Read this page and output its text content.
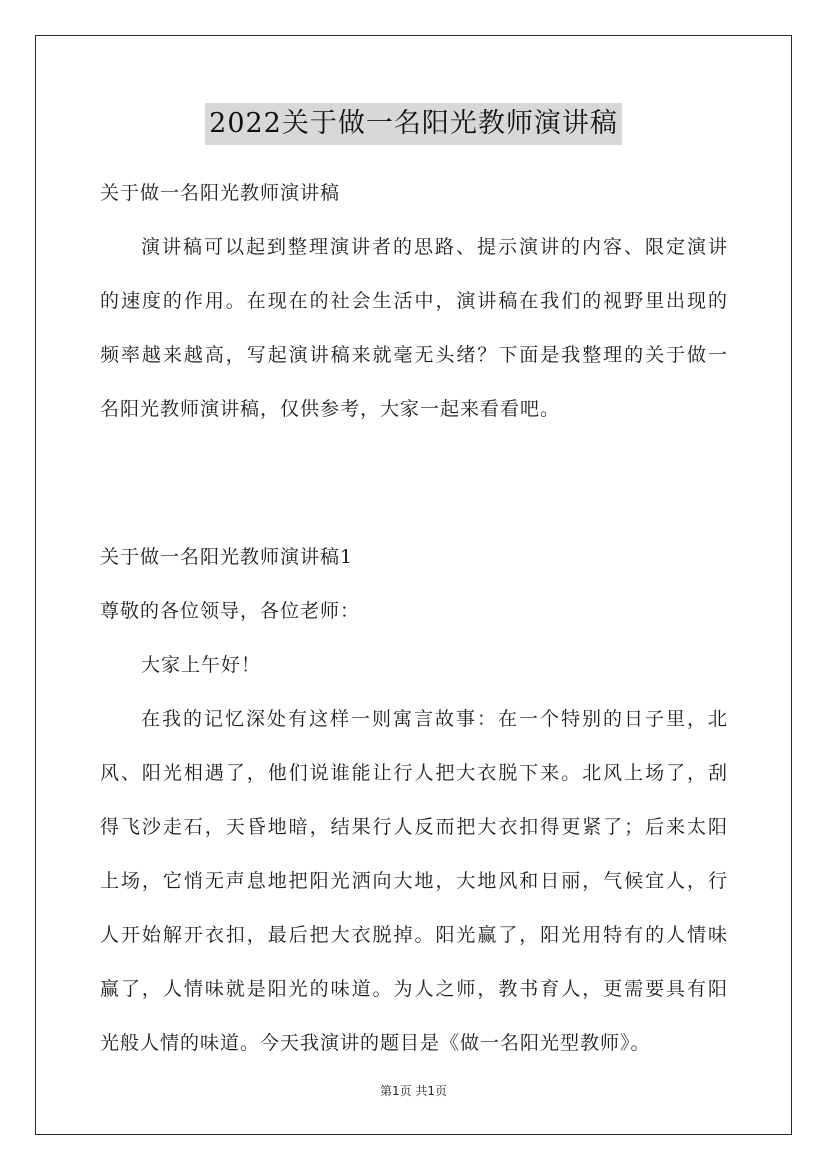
2022关于做一名阳光教师演讲稿

关于做一名阳光教师演讲稿

演讲稿可以起到整理演讲者的思路、提示演讲的内容、限定演讲

的速度的作用。在现在的社会生活中，演讲稿在我们的视野里出现的

频率越来越高，写起演讲稿来就毫无头绪？下面是我整理的关于做一

名阳光教师演讲稿，仅供参考，大家一起来看看吧。

关于做一名阳光教师演讲稿1

尊敬的各位领导，各位老师：

大家上午好！

在我的记忆深处有这样一则寓言故事：在一个特别的日子里，北

风、阳光相遇了，他们说谁能让行人把大衣脱下来。北风上场了，刮

得飞沙走石，天昏地暗，结果行人反而把大衣扣得更紧了；后来太阳

上场，它悄无声息地把阳光洒向大地，大地风和日丽，气候宜人，行

人开始解开衣扣，最后把大衣脱掉。阳光赢了，阳光用特有的人情味

赢了，人情味就是阳光的味道。为人之师，教书育人，更需要具有阳

光般人情的味道。今天我演讲的题目是《做一名阳光型教师》。

第1页 共1页
